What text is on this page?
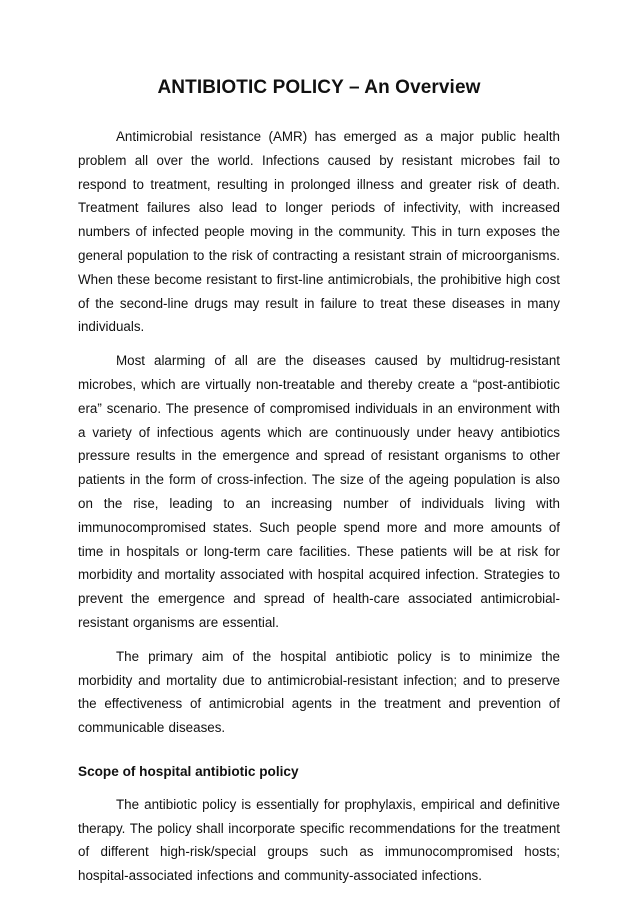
ANTIBIOTIC POLICY – An Overview

Antimicrobial resistance (AMR) has emerged as a major public health problem all over the world. Infections caused by resistant microbes fail to respond to treatment, resulting in prolonged illness and greater risk of death. Treatment failures also lead to longer periods of infectivity, with increased numbers of infected people moving in the community. This in turn exposes the general population to the risk of contracting a resistant strain of microorganisms. When these become resistant to first-line antimicrobials, the prohibitive high cost of the second-line drugs may result in failure to treat these diseases in many individuals.

Most alarming of all are the diseases caused by multidrug-resistant microbes, which are virtually non-treatable and thereby create a “post-antibiotic era” scenario. The presence of compromised individuals in an environment with a variety of infectious agents which are continuously under heavy antibiotics pressure results in the emergence and spread of resistant organisms to other patients in the form of cross-infection. The size of the ageing population is also on the rise, leading to an increasing number of individuals living with immunocompromised states. Such people spend more and more amounts of time in hospitals or long-term care facilities. These patients will be at risk for morbidity and mortality associated with hospital acquired infection. Strategies to prevent the emergence and spread of health-care associated antimicrobial-resistant organisms are essential.

The primary aim of the hospital antibiotic policy is to minimize the morbidity and mortality due to antimicrobial-resistant infection; and to preserve the effectiveness of antimicrobial agents in the treatment and prevention of communicable diseases.

Scope of hospital antibiotic policy

The antibiotic policy is essentially for prophylaxis, empirical and definitive therapy. The policy shall incorporate specific recommendations for the treatment of different high-risk/special groups such as immunocompromised hosts; hospital-associated infections and community-associated infections.
